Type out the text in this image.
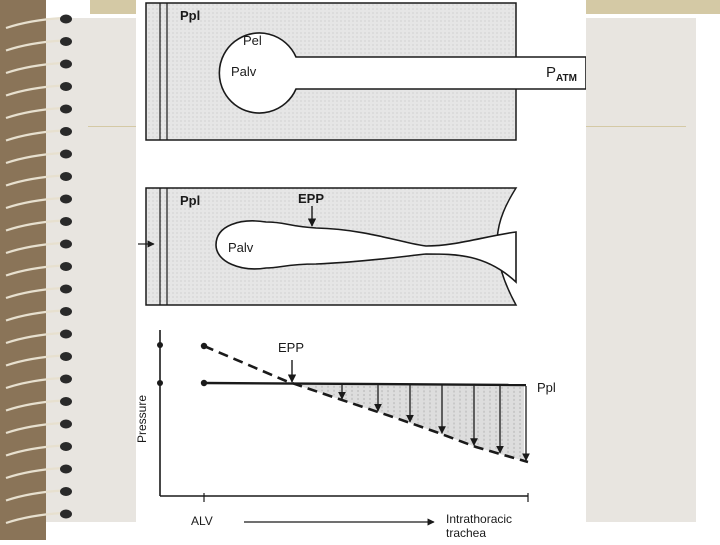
Ppl
Pel
Palv	$P_{ATM}$
Ppl	EPP
Palv
EPP
Ppl
Pressure
ALV	Intrathoracic
trachea
